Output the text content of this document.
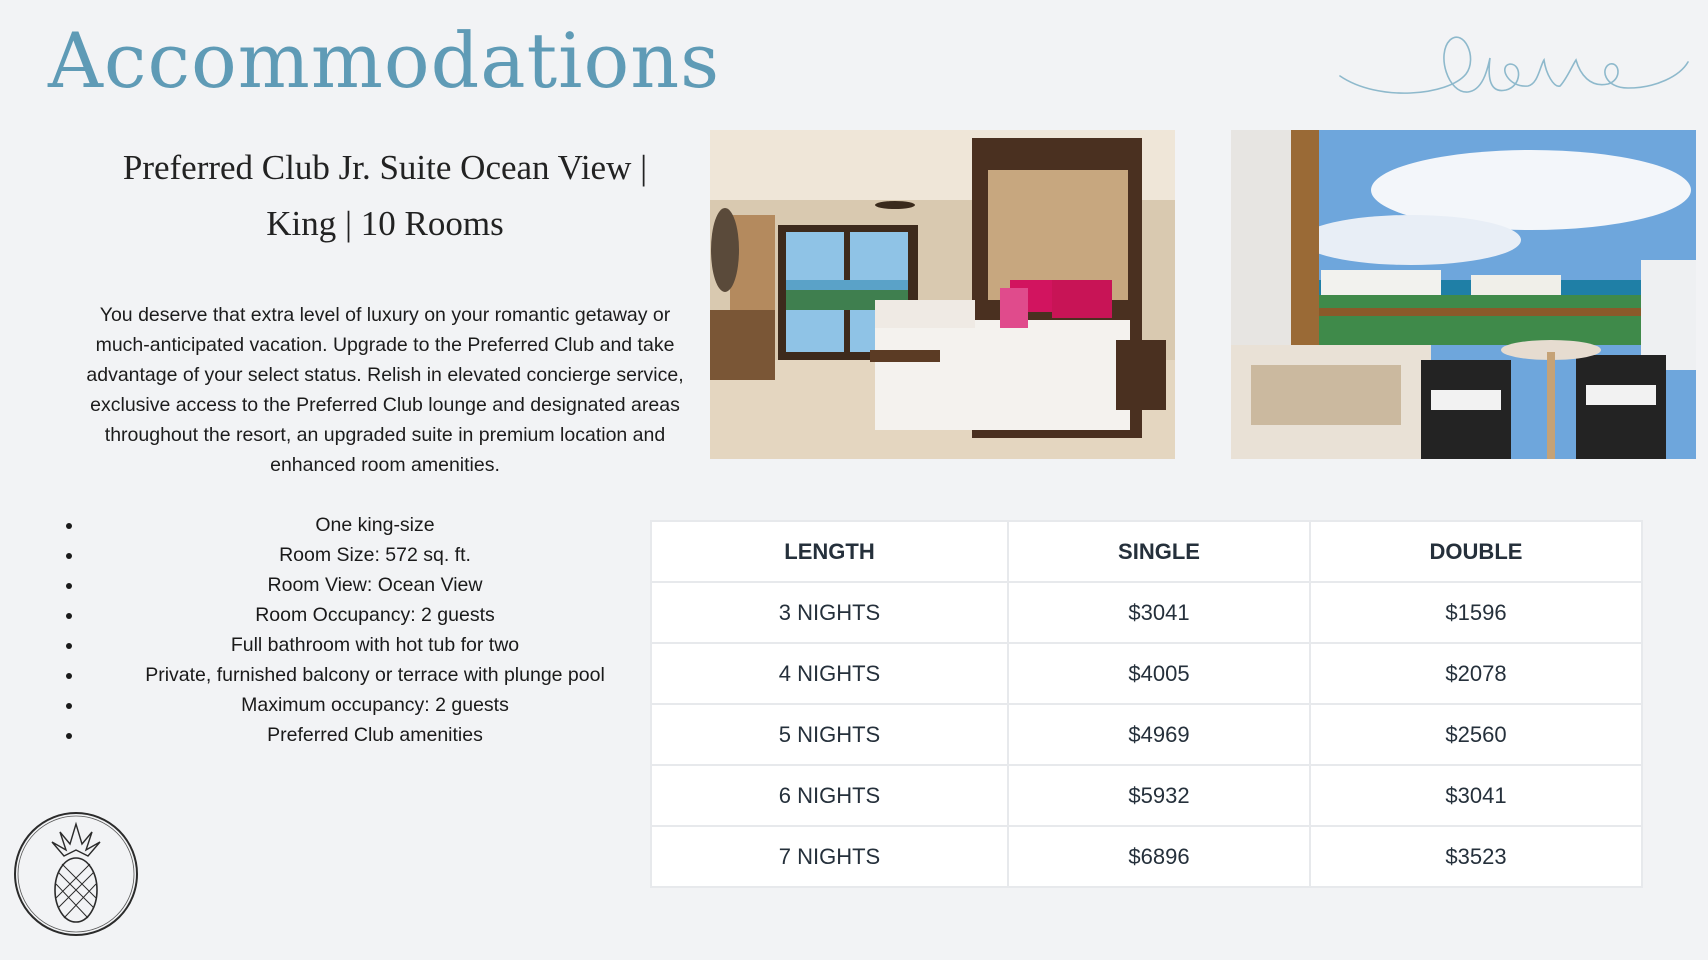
Accommodations
Preferred Club Jr. Suite Ocean View |
King | 10 Rooms

You deserve that extra level of luxury on your romantic getaway or much-anticipated vacation. Upgrade to the Preferred Club and take advantage of your select status. Relish in elevated concierge service, exclusive access to the Preferred Club lounge and designated areas throughout the resort, an upgraded suite in premium location and enhanced room amenities.

• One king-size
• Room Size: 572 sq. ft.
• Room View: Ocean View
• Room Occupancy: 2 guests
• Full bathroom with hot tub for two
• Private, furnished balcony or terrace with plunge pool
• Maximum occupancy: 2 guests
• Preferred Club amenities
LENGTH	SINGLE	DOUBLE
3 NIGHTS	$3041	$1596
4 NIGHTS	$4005	$2078
5 NIGHTS	$4969	$2560
6 NIGHTS	$5932	$3041
7 NIGHTS	$6896	$3523
